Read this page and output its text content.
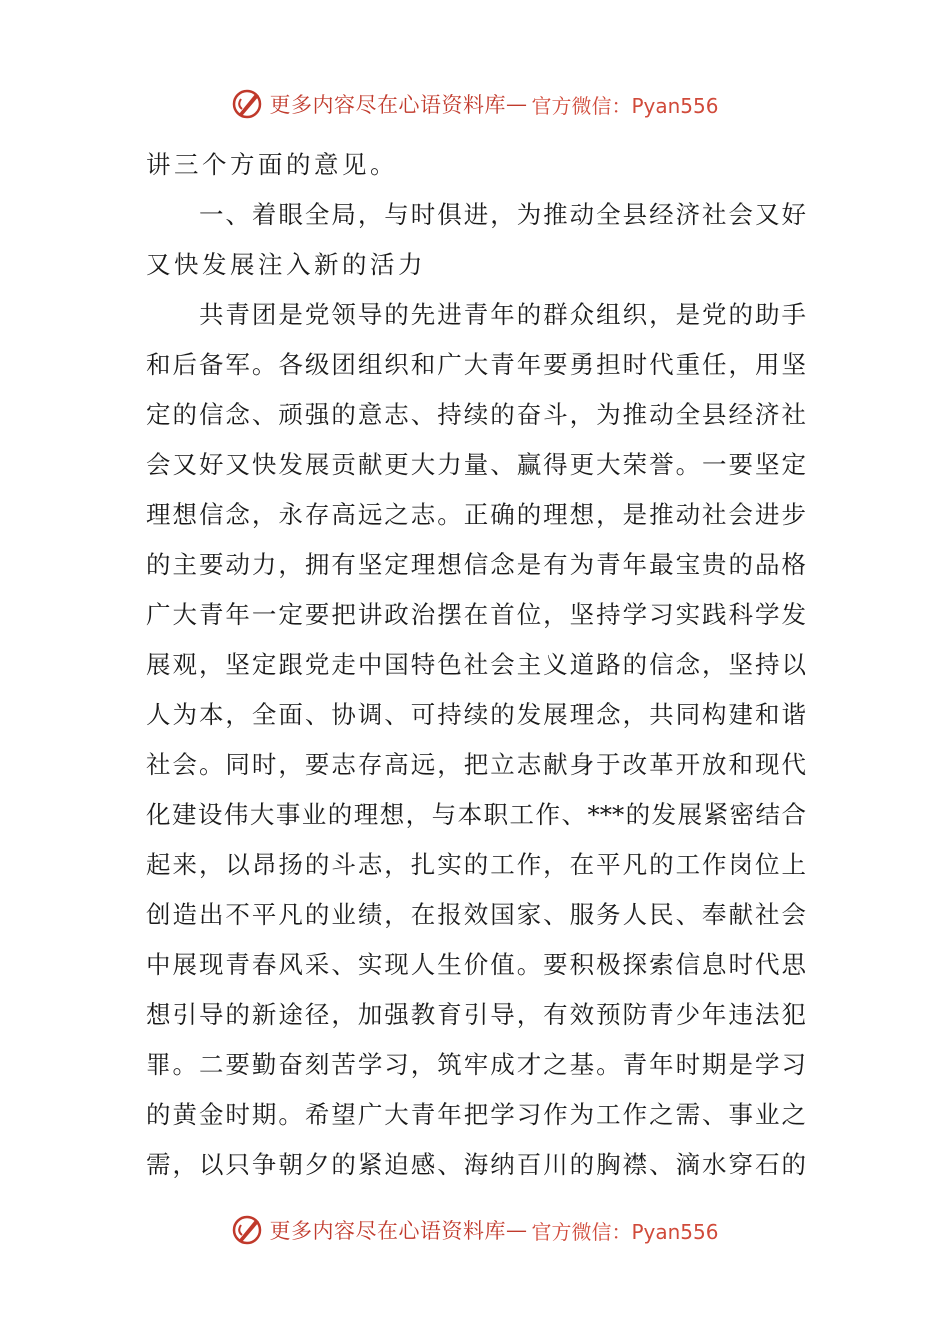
更多内容尽在心语资料库 — 官方微信：Pyan556

讲三个方面的意见。

　　一、着眼全局，与时俱进，为推动全县经济社会又好

又快发展注入新的活力

　　共青团是党领导的先进青年的群众组织，是党的助手

和后备军。各级团组织和广大青年要勇担时代重任，用坚

定的信念、顽强的意志、持续的奋斗，为推动全县经济社

会又好又快发展贡献更大力量、赢得更大荣誉。一要坚定

理想信念，永存高远之志。正确的理想，是推动社会进步

的主要动力，拥有坚定理想信念是有为青年最宝贵的品格

广大青年一定要把讲政治摆在首位，坚持学习实践科学发

展观，坚定跟党走中国特色社会主义道路的信念，坚持以

人为本，全面、协调、可持续的发展理念，共同构建和谐

社会。同时，要志存高远，把立志献身于改革开放和现代

化建设伟大事业的理想，与本职工作、***的发展紧密结合

起来，以昂扬的斗志，扎实的工作，在平凡的工作岗位上

创造出不平凡的业绩，在报效国家、服务人民、奉献社会

中展现青春风采、实现人生价值。要积极探索信息时代思

想引导的新途径，加强教育引导，有效预防青少年违法犯

罪。二要勤奋刻苦学习，筑牢成才之基。青年时期是学习

的黄金时期。希望广大青年把学习作为工作之需、事业之

需，以只争朝夕的紧迫感、海纳百川的胸襟、滴水穿石的

更多内容尽在心语资料库 — 官方微信：Pyan556
